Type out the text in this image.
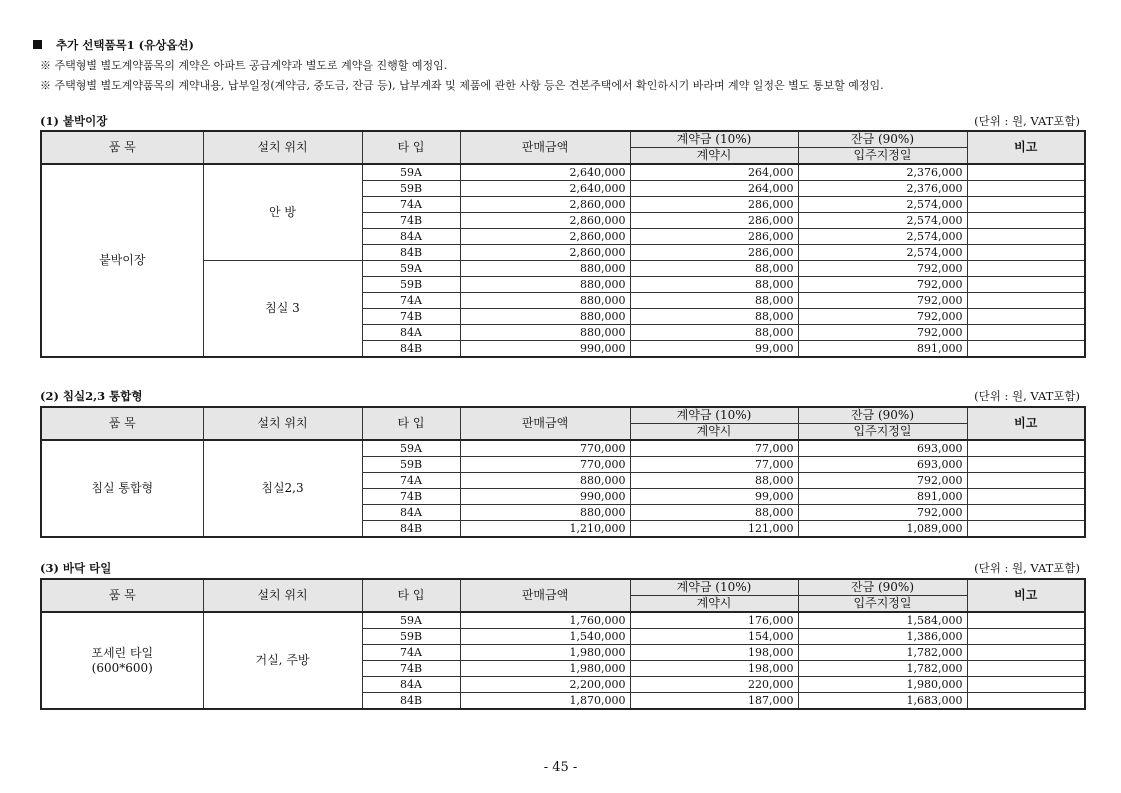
추가 선택품목1 (유상옵션)
※ 주택형별 별도계약품목의 계약은 아파트 공급계약과 별도로 계약을 진행할 예정임.
※ 주택형별 별도계약품목의 계약내용, 납부일정(계약금, 중도금, 잔금 등), 납부계좌 및 제품에 관한 사항 등은 견본주택에서 확인하시기 바라며 계약 일정은 별도 통보할 예정임.
(1) 붙박이장	(단위 : 원, VAT포함)
품 목	설치 위치	타 입	판매금액	계약금 (10%)	잔금 (90%)	비고
				계약시	입주지정일	

붙박이장	안 방	59A	2,640,000	264,000	2,376,000	
		59B	2,640,000	264,000	2,376,000	
		74A	2,860,000	286,000	2,574,000	
		74B	2,860,000	286,000	2,574,000	
		84A	2,860,000	286,000	2,574,000	
		84B	2,860,000	286,000	2,574,000	
	침실 3	59A	880,000	88,000	792,000	
		59B	880,000	88,000	792,000	
		74A	880,000	88,000	792,000	
		74B	880,000	88,000	792,000	
		84A	880,000	88,000	792,000	
		84B	990,000	99,000	891,000	
(2) 침실2,3 통합형	(단위 : 원, VAT포함)
품 목	설치 위치	타 입	판매금액	계약금 (10%)	잔금 (90%)	비고
				계약시	입주지정일	

침실 통합형	침실2,3	59A	770,000	77,000	693,000	
		59B	770,000	77,000	693,000	
		74A	880,000	88,000	792,000	
		74B	990,000	99,000	891,000	
		84A	880,000	88,000	792,000	
		84B	1,210,000	121,000	1,089,000	
(3) 바닥 타일	(단위 : 원, VAT포함)
품 목	설치 위치	타 입	판매금액	계약금 (10%)	잔금 (90%)	비고
				계약시	입주지정일	

포세린 타일
(600*600)	거실, 주방	59A	1,760,000	176,000	1,584,000	
		59B	1,540,000	154,000	1,386,000	
		74A	1,980,000	198,000	1,782,000	
		74B	1,980,000	198,000	1,782,000	
		84A	2,200,000	220,000	1,980,000	
		84B	1,870,000	187,000	1,683,000	
- 45 -
